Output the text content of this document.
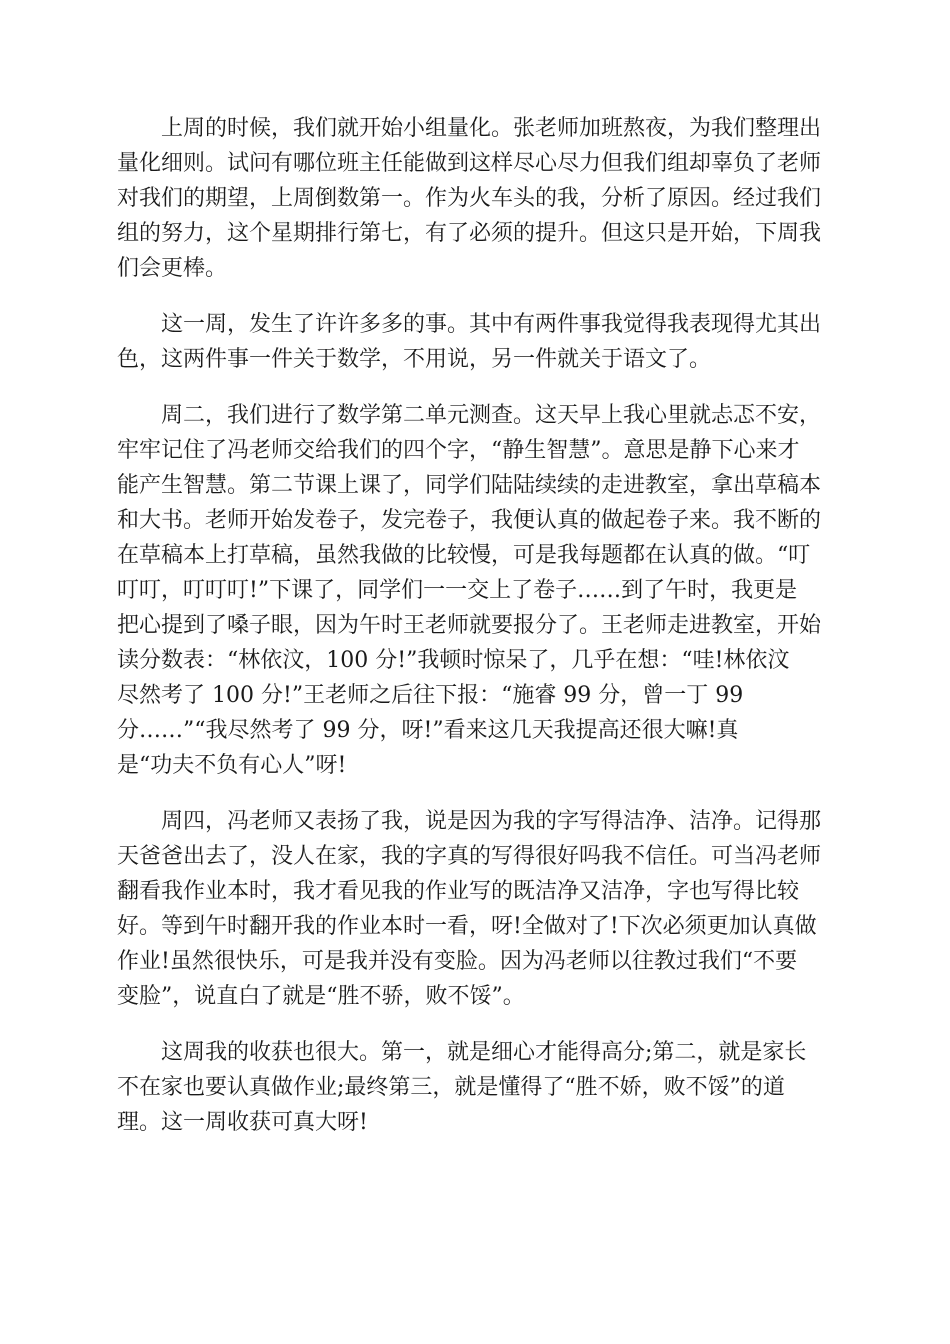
上周的时候，我们就开始小组量化。张老师加班熬夜，为我们整理出
量化细则。试问有哪位班主任能做到这样尽心尽力但我们组却辜负了老师
对我们的期望，上周倒数第一。作为火车头的我，分析了原因。经过我们
组的努力，这个星期排行第七，有了必须的提升。但这只是开始，下周我
们会更棒。
这一周，发生了许许多多的事。其中有两件事我觉得我表现得尤其出
色，这两件事一件关于数学，不用说，另一件就关于语文了。
周二，我们进行了数学第二单元测查。这天早上我心里就忐忑不安，
牢牢记住了冯老师交给我们的四个字，“静生智慧”。意思是静下心来才
能产生智慧。第二节课上课了，同学们陆陆续续的走进教室，拿出草稿本
和大书。老师开始发卷子，发完卷子，我便认真的做起卷子来。我不断的
在草稿本上打草稿，虽然我做的比较慢，可是我每题都在认真的做。“叮
叮叮，叮叮叮!”下课了，同学们一一交上了卷子……到了午时，我更是
把心提到了嗓子眼，因为午时王老师就要报分了。王老师走进教室，开始
读分数表：“林依汶，100 分!”我顿时惊呆了，几乎在想：“哇!林依汶
尽然考了 100 分!”王老师之后往下报：“施睿 99 分，曾一丁 99
分……”“我尽然考了 99 分，呀!”看来这几天我提高还很大嘛!真
是“功夫不负有心人”呀!
周四，冯老师又表扬了我，说是因为我的字写得洁净、洁净。记得那
天爸爸出去了，没人在家，我的字真的写得很好吗我不信任。可当冯老师
翻看我作业本时，我才看见我的作业写的既洁净又洁净，字也写得比较
好。等到午时翻开我的作业本时一看，呀!全做对了!下次必须更加认真做
作业!虽然很快乐，可是我并没有变脸。因为冯老师以往教过我们“不要
变脸”，说直白了就是“胜不骄，败不馁”。
这周我的收获也很大。第一，就是细心才能得高分;第二，就是家长
不在家也要认真做作业;最终第三，就是懂得了“胜不娇，败不馁”的道
理。这一周收获可真大呀!
